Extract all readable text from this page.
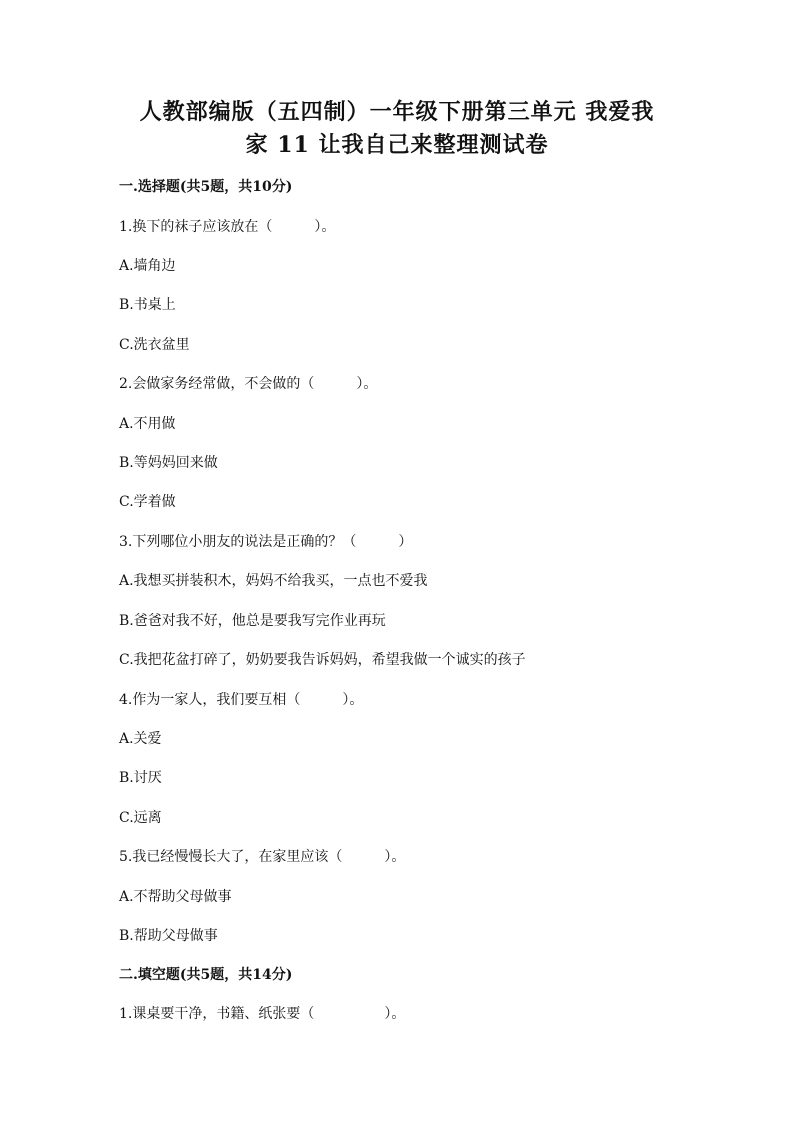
人教部编版（五四制）一年级下册第三单元 我爱我
家 11 让我自己来整理测试卷
一.选择题(共5题，共10分)
1.换下的袜子应该放在（　　　）。
A.墙角边
B.书桌上
C.洗衣盆里
2.会做家务经常做，不会做的（　　　）。
A.不用做
B.等妈妈回来做
C.学着做
3.下列哪位小朋友的说法是正确的？（　　　）
A.我想买拼装积木，妈妈不给我买，一点也不爱我
B.爸爸对我不好，他总是要我写完作业再玩
C.我把花盆打碎了，奶奶要我告诉妈妈，希望我做一个诚实的孩子
4.作为一家人，我们要互相（　　　）。
A.关爱
B.讨厌
C.远离
5.我已经慢慢长大了，在家里应该（　　　）。
A.不帮助父母做事
B.帮助父母做事
二.填空题(共5题，共14分)
1.课桌要干净，书籍、纸张要（　　　　　）。
